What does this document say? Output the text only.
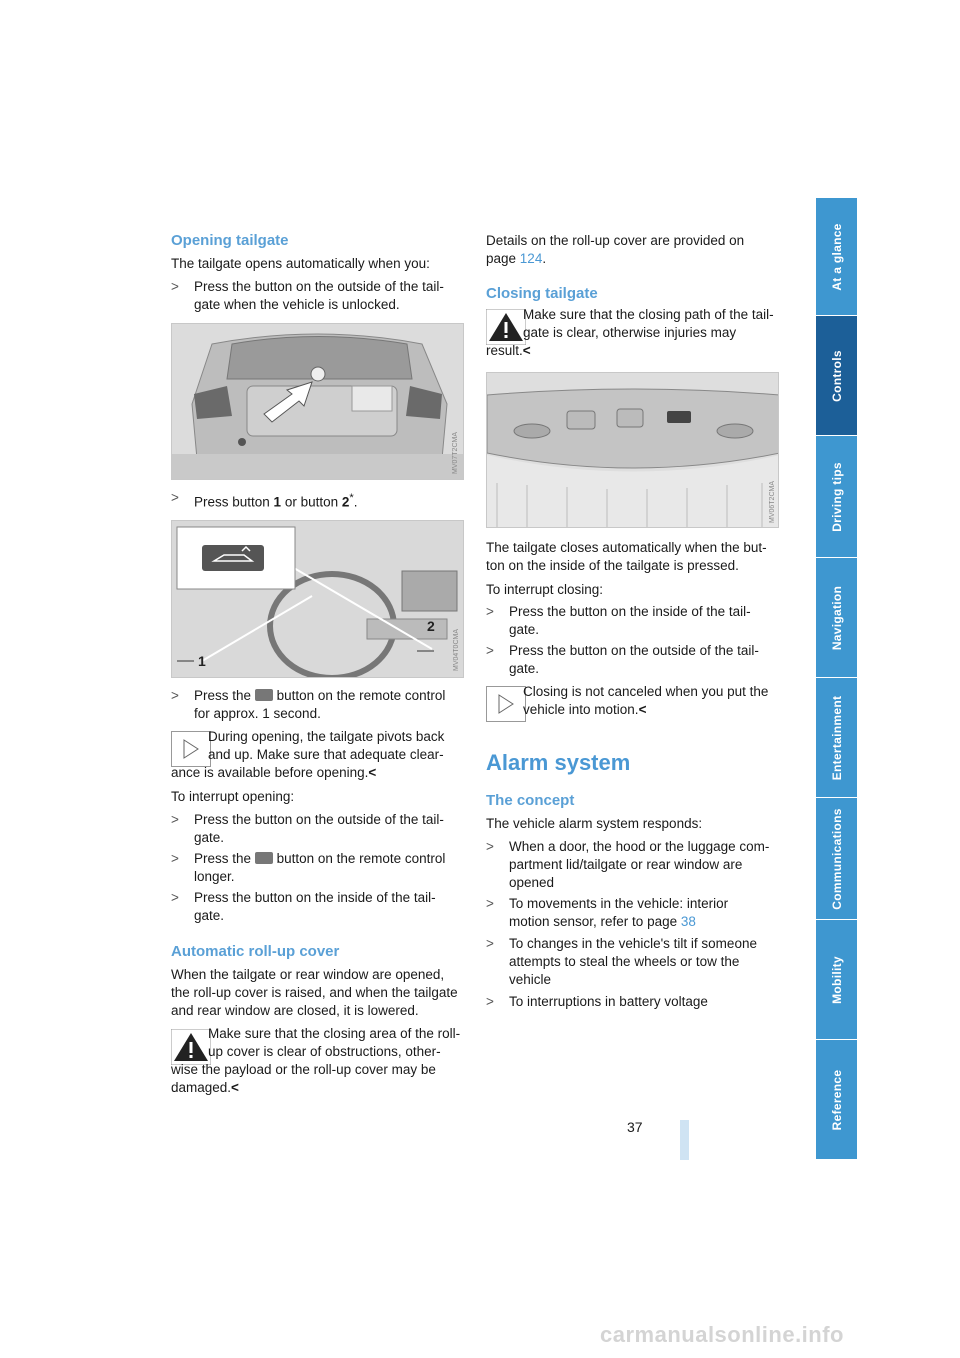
At a glance
Controls
Driving tips
Navigation
Entertainment
Communications
Mobility
Reference
37
Opening tailgate
The tailgate opens automatically when you:
> Press the button on the outside of the tail-
gate when the vehicle is unlocked.
MV07T2CMA
> Press button 1 or button 2*.
1
2
MV04T0CMA
> Press the button on the remote control
for approx. 1 second.
During opening, the tailgate pivots back
and up. Make sure that adequate clear-
ance is available before opening.<
To interrupt opening:
> Press the button on the outside of the tail-
gate.
> Press the button on the remote control
longer.
> Press the button on the inside of the tail-
gate.
Automatic roll-up cover
When the tailgate or rear window are opened,
the roll-up cover is raised, and when the tailgate
and rear window are closed, it is lowered.
Make sure that the closing area of the roll-
up cover is clear of obstructions, other-
wise the payload or the roll-up cover may be
damaged.<
Details on the roll-up cover are provided on
page 124.
Closing tailgate
Make sure that the closing path of the tail-
gate is clear, otherwise injuries may
result.<
MV06T2CMA
The tailgate closes automatically when the but-
ton on the inside of the tailgate is pressed.
To interrupt closing:
> Press the button on the inside of the tail-
gate.
> Press the button on the outside of the tail-
gate.
Closing is not canceled when you put the
vehicle into motion.<
Alarm system
The concept
The vehicle alarm system responds:
> When a door, the hood or the luggage com-
partment lid/tailgate or rear window are
opened
> To movements in the vehicle: interior
motion sensor, refer to page 38
> To changes in the vehicle's tilt if someone
attempts to steal the wheels or tow the
vehicle
> To interruptions in battery voltage
carmanualsonline.info
